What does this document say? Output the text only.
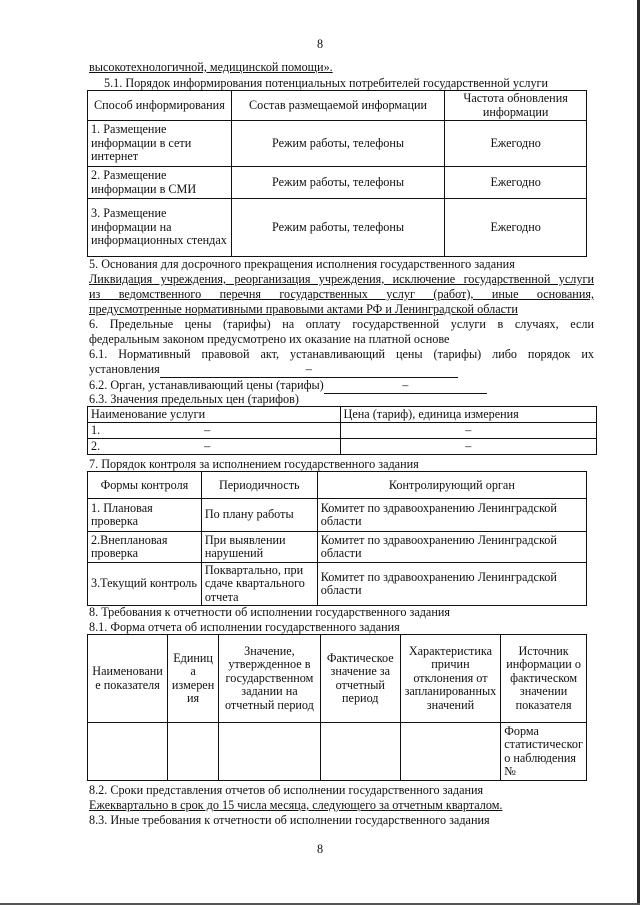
8
высокотехнологичной, медицинской помощи».
5.1. Порядок информирования потенциальных потребителей государственной услуги
Способ информирования	Состав размещаемой информации	Частота обновления информации
1. Размещение информации в сети интернет	Режим работы, телефоны	Ежегодно
2. Размещение информации в СМИ	Режим работы, телефоны	Ежегодно
3. Размещение информации на информационных стендах	Режим работы, телефоны	Ежегодно
5. Основания для досрочного прекращения исполнения государственного задания
Ликвидация учреждения, реорганизация учреждения, исключение государственной услуги
из ведомственного перечня государственных услуг (работ), иные основания,
предусмотренные нормативными правовыми актами РФ и Ленинградской области
6. Предельные цены (тарифы) на оплату государственной услуги в случаях, если
федеральным законом предусмотрено их оказание на платной основе
6.1. Нормативный правовой акт, устанавливающий цены (тарифы) либо порядок их
установления	–
6.2. Орган, устанавливающий цены (тарифы)	–
6.3. Значения предельных цен (тарифов)
Наименование услуги	Цена (тариф), единица измерения
1. –	–
2. –	–
7. Порядок контроля за исполнением государственного задания
Формы контроля	Периодичность	Контролирующий орган
1. Плановая проверка	По плану работы	Комитет по здравоохранению Ленинградской области
2.Внеплановая проверка	При выявлении нарушений	Комитет по здравоохранению Ленинградской области
3.Текущий контроль	Поквартально, при сдаче квартального отчета	Комитет по здравоохранению Ленинградской области
8. Требования к отчетности об исполнении государственного задания
8.1. Форма отчета об исполнении государственного задания
Наименовани е показателя	Единиц а измерен ия	Значение, утвержденное в государственном задании на отчетный период	Фактическое значение за отчетный период	Характеристика причин отклонения от запланированных значений	Источник информации о фактическом значении показателя
					Форма статистическог о наблюдения №
8.2. Сроки представления отчетов об исполнении государственного задания
Ежеквартально в срок до 15 числа месяца, следующего за отчетным кварталом.
8.3. Иные требования к отчетности об исполнении государственного задания
8
